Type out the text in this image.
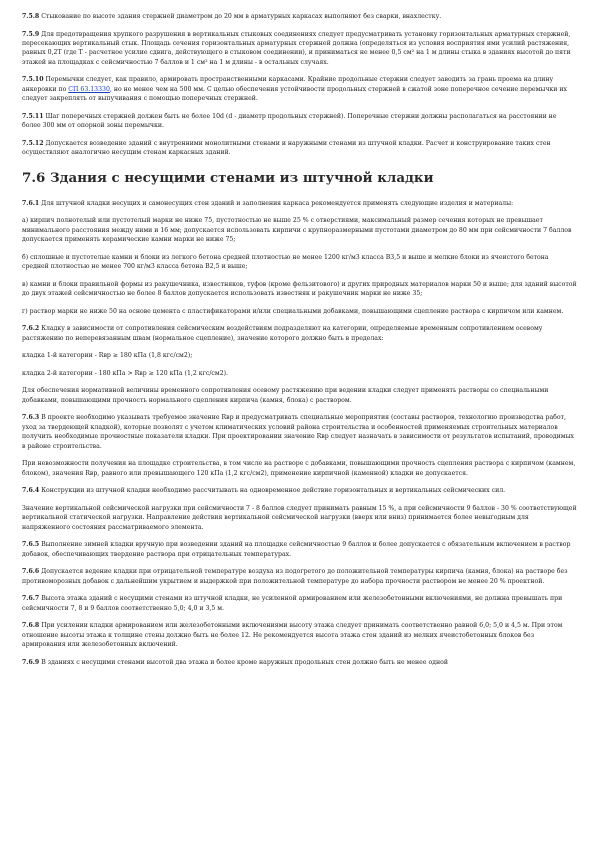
7.5.8 Стыкование по высоте здания стержней диаметром до 20 мм в арматурных каркасах выполняют без сварки, внахлестку.

7.5.9 Для предотвращения хрупкого разрушения в вертикальных стыковых соединениях следует предусматривать установку горизонтальных арматурных стержней, пересекающих вертикальный стык. Площадь сечения горизонтальных арматурных стержней должна (определяться из условия восприятия ими усилий растяжения, равных 0,2Т (где Т - расчетное усилие сдвига, действующего в стыковом соединении), и приниматься не менее 0,5 см² на 1 м длины стыка в зданиях высотой до пяти этажей на площадках с сейсмичностью 7 баллов и 1 см² на 1 м длины - в остальных случаях.

7.5.10 Перемычки следует, как правило, армировать пространственными каркасами. Крайние продольные стержни следует заводить за грань проема на длину анкеровки по СП 63.13330, но не менее чем на 500 мм. С целью обеспечения устойчивости продольных стержней в сжатой зоне поперечное сечение перемычки их следует закреплять от выпучивания с помощью поперечных стержней.

7.5.11 Шаг поперечных стержней должен быть не более 10d (d - диаметр продольных стержней). Поперечные стержни должны располагаться на расстоянии не более 300 мм от опорной зоны перемычки.

7.5.12 Допускается возведение зданий с внутренними монолитными стенами и наружными стенами из штучной кладки. Расчет и конструирование таких стен осуществляют аналогично несущим стенам каркасных зданий.

7.6 Здания с несущими стенами из штучной кладки

7.6.1 Для штучной кладки несущих и самонесущих стен зданий и заполнения каркаса рекомендуется применять следующие изделия и материалы:

а) кирпич полнотелый или пустотелый марки не ниже 75, пустотностью не выше 25 % с отверстиями, максимальный размер сечения которых не превышает минимального расстояния между ними и 16 мм; допускается использовать кирпичи с крупноразмерными пустотами диаметром до 80 мм при сейсмичности 7 баллов допускается применять керамические камни марки не ниже 75;

б) сплошные и пустотелые камни и блоки из легкого бетона средней плотностью не менее 1200 кг/м3 класса В3,5 и выше и мелкие блоки из ячеистого бетона средней плотностью не менее 700 кг/м3 класса бетона В2,5 и выше;

в) камни и блоки правильной формы из ракушечника, известняков, туфов (кроме фельзитового) и других природных материалов марки 50 и выше; для зданий высотой до двух этажей сейсмичностью не более 8 баллов допускается использовать известняк и ракушечник марки не ниже 35;

г) раствор марки не ниже 50 на основе цемента с пластификаторами и/или специальными добавками, повышающими сцепление раствора с кирпичом или камнем.

7.6.2 Кладку в зависимости от сопротивления сейсмическим воздействиям подразделяют на категории, определяемые временным сопротивлением осевому растяжению по неперевязанным швам (нормальное сцепление), значение которого должно быть в пределах:

кладка 1-й категории - Rвр ≥ 180 кПа (1,8 кгс/см2);

кладка 2-й категории - 180 кПа > Rвр ≥ 120 кПа (1,2 кгс/см2).

Для обеспечения нормативной величины временного сопротивления осевому растяжению при ведении кладки следует применять растворы со специальными добавками, повышающими прочность нормального сцепления кирпича (камня, блока) с раствором.

7.6.3 В проекте необходимо указывать требуемое значение Rвр и предусматривать специальные мероприятия (составы растворов, технологию производства работ, уход за твердеющей кладкой), которые позволят с учетом климатических условий района строительства и особенностей применяемых строительных материалов получить необходимые прочностные показатели кладки. При проектировании значение Rвр следует назначать в зависимости от результатов испытаний, проводимых в районе строительства.

При невозможности получения на площадке строительства, в том числе на растворе с добавками, повышающими прочность сцепления раствора с кирпичом (камнем, блоком), значения Rвр, равного или превышающего 120 кПа (1,2 кгс/см2), применение кирпичной (каменной) кладки не допускается.

7.6.4 Конструкции из штучной кладки необходимо рассчитывать на одновременное действие горизонтальных и вертикальных сейсмических сил.

Значение вертикальной сейсмической нагрузки при сейсмичности 7 - 8 баллов следует принимать равным 15 %, а при сейсмичности 9 баллов - 30 % соответствующей вертикальной статической нагрузки. Направление действия вертикальной сейсмической нагрузки (вверх или вниз) принимается более невыгодным для напряженного состояния рассматриваемого элемента.

7.6.5 Выполнение зимней кладки вручную при возведении зданий на площадке сейсмичностью 9 баллов и более допускается с обязательным включением в раствор добавок, обеспечивающих твердение раствора при отрицательных температурах.

7.6.6 Допускается ведение кладки при отрицательной температуре воздуха из подогретого до положительной температуры кирпича (камня, блока) на растворе без противоморозных добавок с дальнейшим укрытием и выдержкой при положительной температуре до набора прочности раствором не менее 20 % проектной.

7.6.7 Высота этажа зданий с несущими стенами из штучной кладки, не усиленной армированием или железобетонными включениями, не должна превышать при сейсмичности 7, 8 и 9 баллов соответственно 5,0; 4,0 и 3,5 м.

7.6.8 При усилении кладки армированием или железобетонными включениями высоту этажа следует принимать соответственно равной 6,0; 5,0 и 4,5 м. При этом отношение высоты этажа к толщине стены должно быть не более 12. Не рекомендуется высота этажа стен зданий из мелких ячеистобетонных блоков без армирования или железобетонных включений.

7.6.9 В зданиях с несущими стенами высотой два этажа и более кроме наружных продольных стен должно быть не менее одной
